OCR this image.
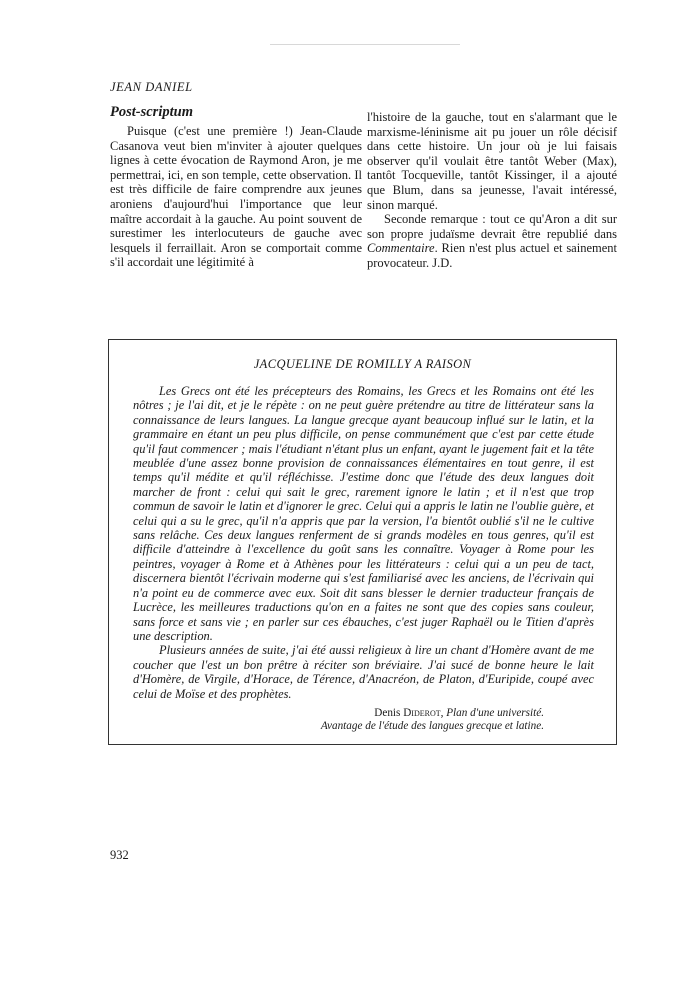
JEAN DANIEL
Post-scriptum

Puisque (c'est une première !) Jean-Claude Casanova veut bien m'inviter à ajouter quelques lignes à cette évocation de Raymond Aron, je me permettrai, ici, en son temple, cette observation. Il est très difficile de faire comprendre aux jeunes aroniens d'aujourd'hui l'importance que leur maître accordait à la gauche. Au point souvent de surestimer les interlocuteurs de gauche avec lesquels il ferraillait. Aron se comportait comme s'il accordait une légitimité à

l'histoire de la gauche, tout en s'alarmant que le marxisme-léninisme ait pu jouer un rôle décisif dans cette histoire. Un jour où je lui faisais observer qu'il voulait être tantôt Weber (Max), tantôt Tocqueville, tantôt Kissinger, il a ajouté que Blum, dans sa jeunesse, l'avait intéressé, sinon marqué.

Seconde remarque : tout ce qu'Aron a dit sur son propre judaïsme devrait être republié dans Commentaire. Rien n'est plus actuel et sainement provocateur. J.D.

JACQUELINE DE ROMILLY A RAISON

Les Grecs ont été les précepteurs des Romains, les Grecs et les Romains ont été les nôtres ; je l'ai dit, et je le répète : on ne peut guère prétendre au titre de littérateur sans la connaissance de leurs langues. La langue grecque ayant beaucoup influé sur le latin, et la grammaire en étant un peu plus difficile, on pense communément que c'est par cette étude qu'il faut commencer ; mais l'étudiant n'étant plus un enfant, ayant le jugement fait et la tête meublée d'une assez bonne provision de connaissances élémentaires en tout genre, il est temps qu'il médite et qu'il réfléchisse. J'estime donc que l'étude des deux langues doit marcher de front : celui qui sait le grec, rarement ignore le latin ; et il n'est que trop commun de savoir le latin et d'ignorer le grec. Celui qui a appris le latin ne l'oublie guère, et celui qui a su le grec, qu'il n'a appris que par la version, l'a bientôt oublié s'il ne le cultive sans relâche. Ces deux langues renferment de si grands modèles en tous genres, qu'il est difficile d'atteindre à l'excellence du goût sans les connaître. Voyager à Rome pour les peintres, voyager à Rome et à Athènes pour les littérateurs : celui qui a un peu de tact, discernera bientôt l'écrivain moderne qui s'est familiarisé avec les anciens, de l'écrivain qui n'a point eu de commerce avec eux. Soit dit sans blesser le dernier traducteur français de Lucrèce, les meilleures traductions qu'on en a faites ne sont que des copies sans couleur, sans force et sans vie ; en parler sur ces ébauches, c'est juger Raphaël ou le Titien d'après une description.

Plusieurs années de suite, j'ai été aussi religieux à lire un chant d'Homère avant de me coucher que l'est un bon prêtre à réciter son bréviaire. J'ai sucé de bonne heure le lait d'Homère, de Virgile, d'Horace, de Térence, d'Anacréon, de Platon, d'Euripide, coupé avec celui de Moïse et des prophètes.

Denis Diderot, Plan d'une université.
Avantage de l'étude des langues grecque et latine.
932
